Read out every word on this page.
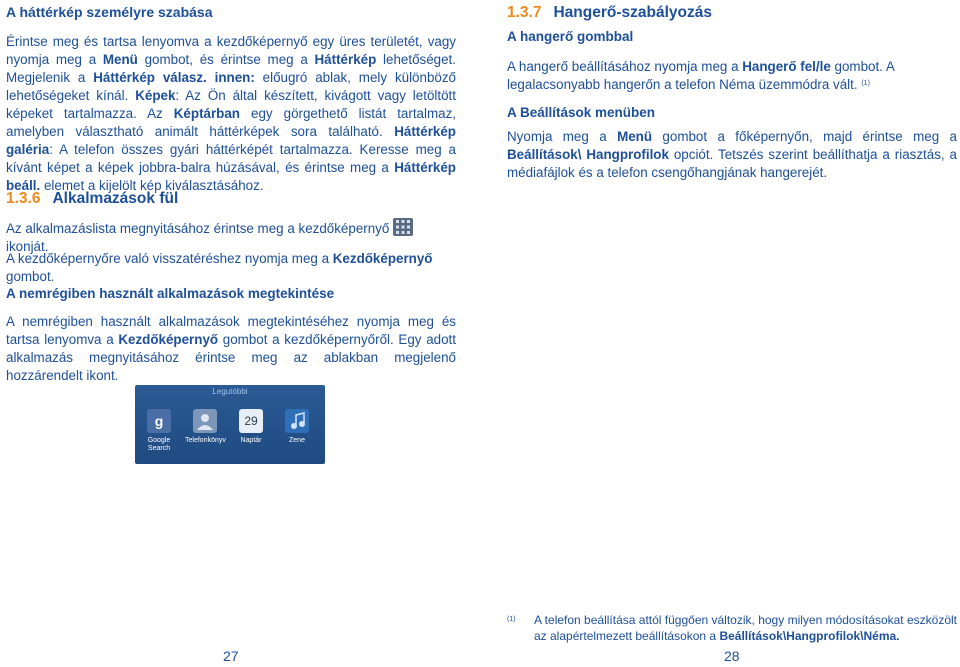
A háttérkép személyre szabása

Érintse meg és tartsa lenyomva a kezdőképernyő egy üres területét, vagy nyomja meg a Menü gombot, és érintse meg a Háttérkép lehetőséget. Megjelenik a Háttérkép válasz. innen: előugró ablak, mely különböző lehetőségeket kínál. Képek: Az Ön által készített, kivágott vagy letöltött képeket tartalmazza. Az Képtárban egy görgethető listát tartalmaz, amelyben választható animált háttérképek sora található. Háttérkép galéria: A telefon összes gyári háttérképét tartalmazza. Keresse meg a kívánt képet a képek jobbra-balra húzásával, és érintse meg a Háttérkép beáll. elemet a kijelölt kép kiválasztásához.

1.3.6 Alkalmazások fül

Az alkalmazáslista megnyitásához érintse meg a kezdőképernyőikonját.

A kezdőképernyőre való visszatéréshez nyomja meg a Kezdőképernyő gombot.

A nemrégiben használt alkalmazások megtekintése

A nemrégiben használt alkalmazások megtekintéséhez nyomja meg és tartsa lenyomva a Kezdőképernyő gombot a kezdőképernyőről. Egy adott alkalmazás megnyitásához érintse meg az ablakban megjelenő hozzárendelt ikont.

Legutóbbi
g
Google Search
Telefonkönyv
29
Naptár	Zene
27
1.3.7 Hangerő-szabályozás
A hangerő gombbal

A hangerő beállításához nyomja meg a Hangerő fel/le gombot. A legalacsonyabb hangerőn a telefon Néma üzemmódra vált. $^{(1)}$

A Beállítások menüben

Nyomja meg a Menü gombot a főképernyőn, majd érintse meg a Beállítások\ Hangprofilok opciót. Tetszés szerint beállíthatja a riasztás, a médiafájlok és a telefon csengőhangjának hangerejét.

(1) A telefon beállítása attól függően változik, hogy milyen módosításokat eszközölt az alapértelmezett beállításokon a Beállítások\Hangprofilok\Néma.
28
